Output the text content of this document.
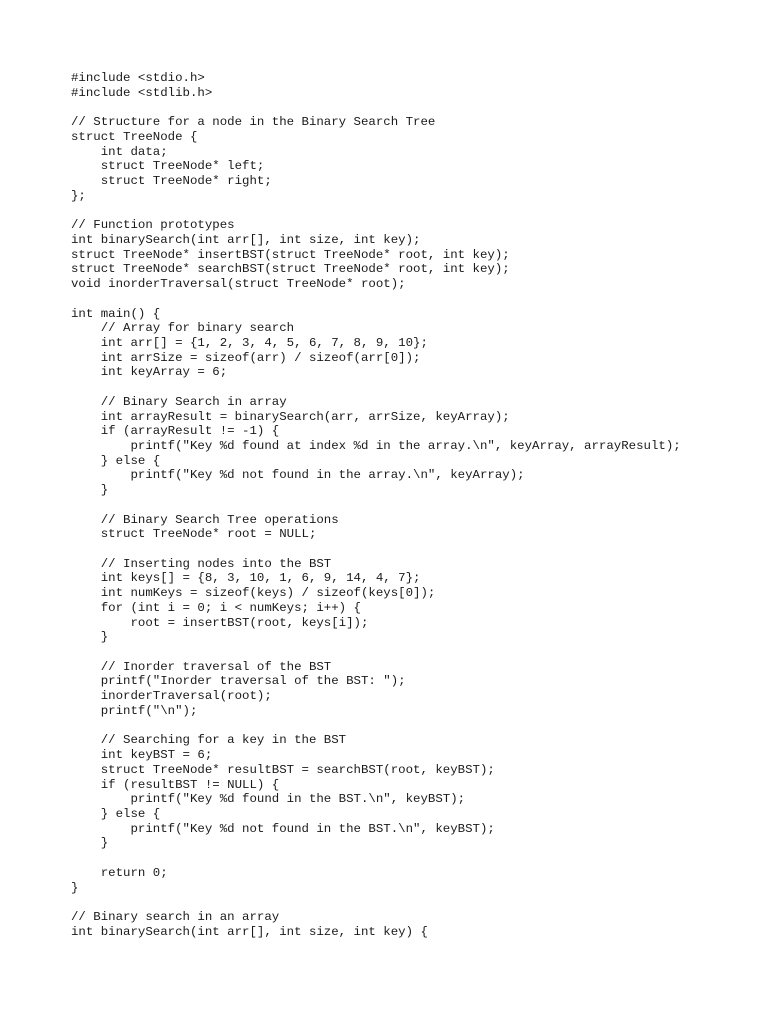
#include <stdio.h>
#include <stdlib.h>
// Structure for a node in the Binary Search Tree
struct TreeNode {
int data;
struct TreeNode* left;
struct TreeNode* right;
};
// Function prototypes
int binarySearch(int arr[], int size, int key);
struct TreeNode* insertBST(struct TreeNode* root, int key);
struct TreeNode* searchBST(struct TreeNode* root, int key);
void inorderTraversal(struct TreeNode* root);
int main() {
// Array for binary search
int arr[] = {1, 2, 3, 4, 5, 6, 7, 8, 9, 10};
int arrSize = sizeof(arr) / sizeof(arr[0]);
int keyArray = 6;
// Binary Search in array
int arrayResult = binarySearch(arr, arrSize, keyArray);
if (arrayResult != -1) {
printf("Key %d found at index %d in the array.\n", keyArray, arrayResult);
} else {
printf("Key %d not found in the array.\n", keyArray);
}
// Binary Search Tree operations
struct TreeNode* root = NULL;
// Inserting nodes into the BST
int keys[] = {8, 3, 10, 1, 6, 9, 14, 4, 7};
int numKeys = sizeof(keys) / sizeof(keys[0]);
for (int i = 0; i < numKeys; i++) {
root = insertBST(root, keys[i]);
}
// Inorder traversal of the BST
printf("Inorder traversal of the BST: ");
inorderTraversal(root);
printf("\n");
// Searching for a key in the BST
int keyBST = 6;
struct TreeNode* resultBST = searchBST(root, keyBST);
if (resultBST != NULL) {
printf("Key %d found in the BST.\n", keyBST);
} else {
printf("Key %d not found in the BST.\n", keyBST);
}
return 0;
}
// Binary search in an array
int binarySearch(int arr[], int size, int key) {
